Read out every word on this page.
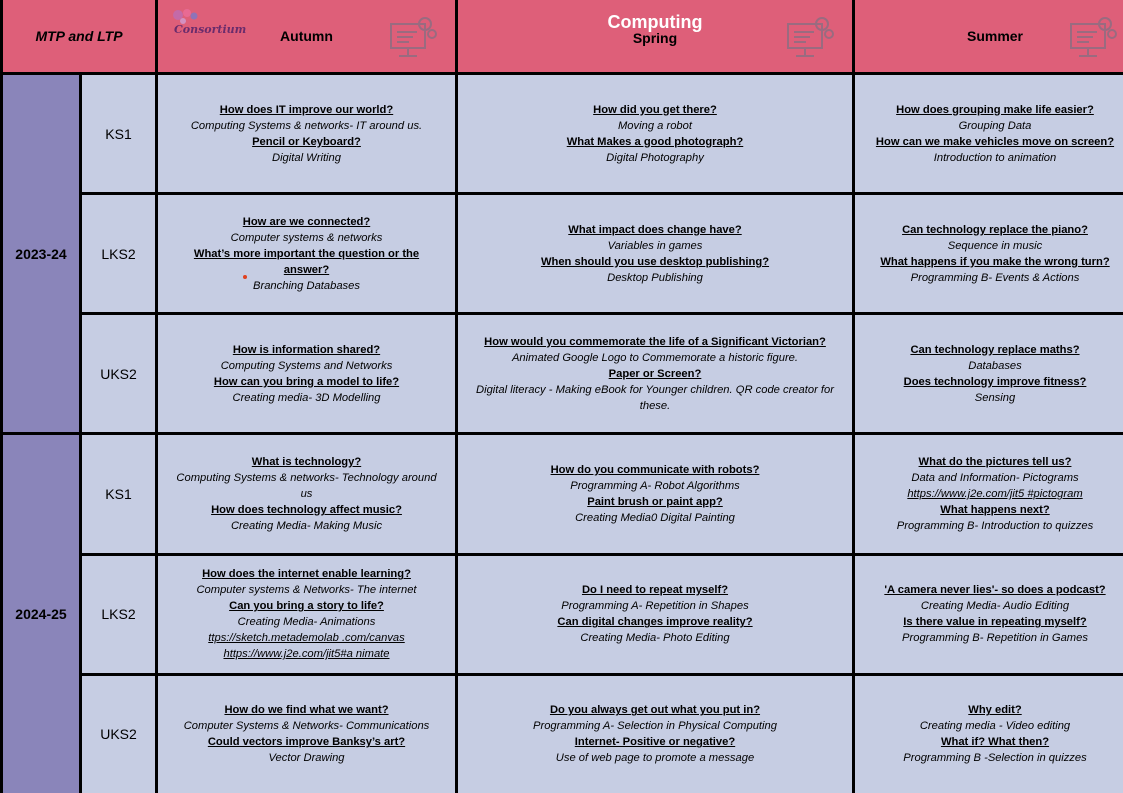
MTP and LTP	Consortium Autumn
Computing
Spring	Summer
2023- 24
KS1
How does IT improve our world?
Computing Systems & networks- IT around us.
Pencil or Keyboard?
Digital Writing
How did you get there?
Moving a robot
What Makes a good photograph?
Digital Photography
How does grouping make life easier?
Grouping Data
How can we make vehicles move on screen?
Introduction to animation
LKS2
How are we connected?
Computer systems & networks
What’s more important the question or the answer?
Branching Databases
What impact does change have?
Variables in games
When should you use desktop publishing?
Desktop Publishing
Can technology replace the piano?
Sequence in music
What happens if you make the wrong turn?
Programming B- Events & Actions
UKS2
How is information shared?
Computing Systems and Networks
How can you bring a model to life?
Creating media- 3D Modelling
How would you commemorate the life of a Significant Victorian?
Animated Google Logo to Commemorate a historic figure.
Paper or Screen?
Digital literacy - Making eBook for Younger children. QR code creator for these.
Can technology replace maths?
Databases
Does technology improve fitness?
Sensing
2024- 25
KS1
What is technology?
Computing Systems & networks- Technology around us
How does technology affect music?
Creating Media- Making Music
How do you communicate with robots?
Programming A- Robot Algorithms
Paint brush or paint app?
Creating Media0 Digital Painting
What do the pictures tell us?
Data and Information- Pictograms
https://www.j2e.com/jit5 #pictogram
What happens next?
Programming B- Introduction to quizzes
LKS2
How does the internet enable learning?
Computer systems & Networks- The internet
Can you bring a story to life?
Creating Media- Animations
ttps://sketch.metademolab .com/canvas
https://www.j2e.com/jit5#a nimate
Do I need to repeat myself?
Programming A- Repetition in Shapes
Can digital changes improve reality?
Creating Media- Photo Editing
'A camera never lies'- so does a podcast?
Creating Media- Audio Editing
Is there value in repeating myself?
Programming B- Repetition in Games
UKS2
How do we find what we want?
Computer Systems & Networks- Communications
Could vectors improve Banksy’s art?
Vector Drawing
Do you always get out what you put in?
Programming A- Selection in Physical Computing
Internet- Positive or negative?
Use of web page to promote a message
Why edit?
Creating media - Video editing
What if? What then?
Programming B -Selection in quizzes
